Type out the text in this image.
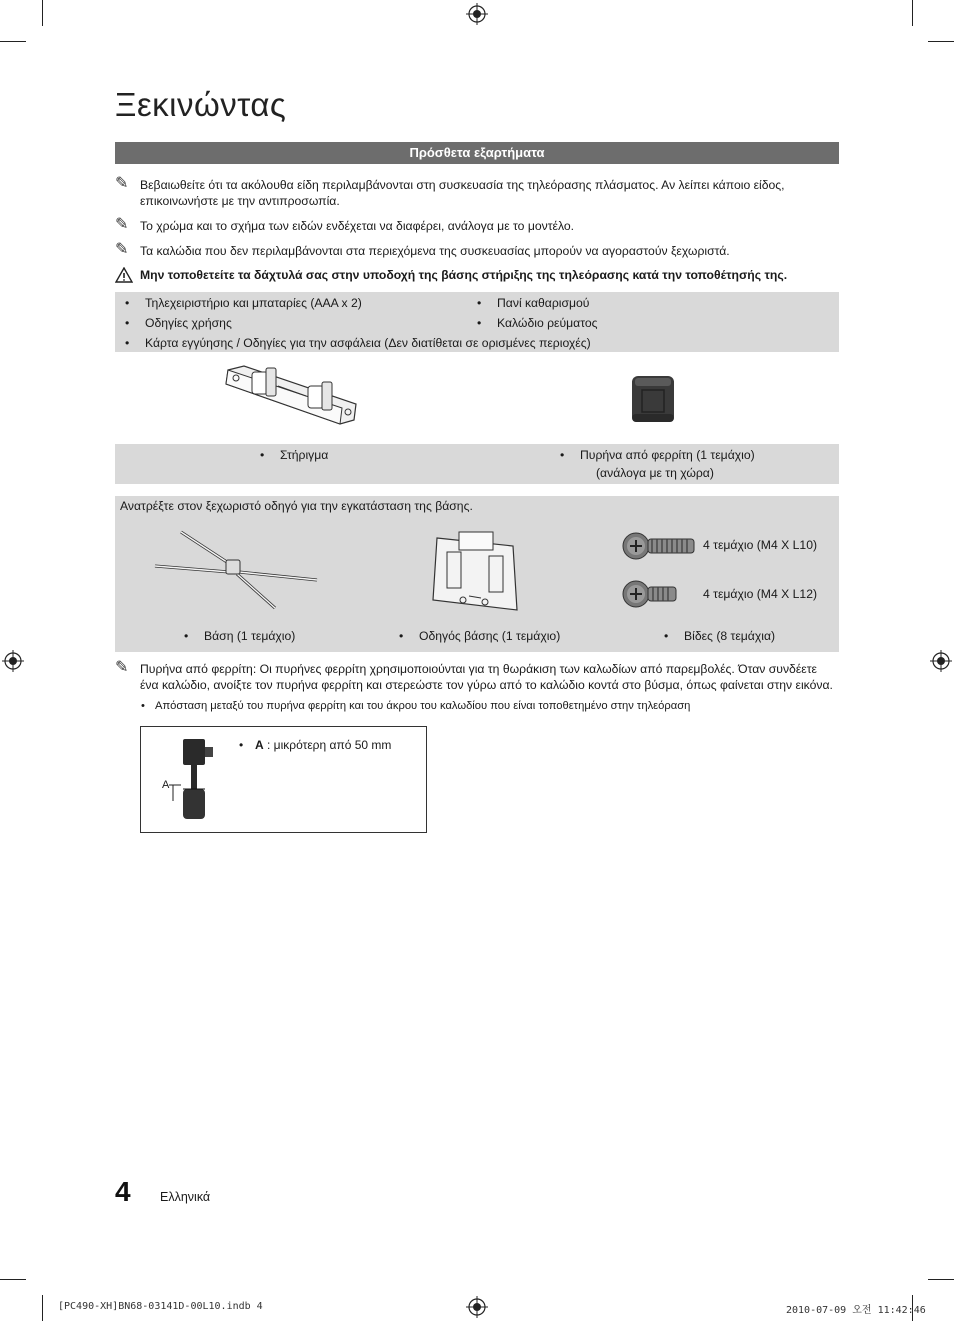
Ξεκινώντας
Πρόσθετα εξαρτήματα
✎ Βεβαιωθείτε ότι τα ακόλουθα είδη περιλαμβάνονται στη συσκευασία της τηλεόρασης πλάσματος. Αν λείπει κάποιο είδος,
επικοινωνήστε με την αντιπροσωπία.
✎ Το χρώμα και το σχήμα των ειδών ενδέχεται να διαφέρει, ανάλογα με το μοντέλο.
✎ Τα καλώδια που δεν περιλαμβάνονται στα περιεχόμενα της συσκευασίας μπορούν να αγοραστούν ξεχωριστά.
Μην τοποθετείτε τα δάχτυλά σας στην υποδοχή της βάσης στήριξης της τηλεόρασης κατά την τοποθέτησής της.
• Τηλεχειριστήριο και μπαταρίες (AAA x 2)	• Πανί καθαρισμού
• Οδηγίες χρήσης	• Καλώδιο ρεύματος
• Κάρτα εγγύησης / Οδηγίες για την ασφάλεια (Δεν διατίθεται σε ορισμένες περιοχές)
• Στήριγμα	• Πυρήνα από φερρίτη (1 τεμάχιο)
(ανάλογα με τη χώρα)
Ανατρέξτε στον ξεχωριστό οδηγό για την εγκατάσταση της βάσης.
4 τεμάχιο (M4 X L10)
4 τεμάχιο (M4 X L12)
• Βάση (1 τεμάχιο)	• Οδηγός βάσης (1 τεμάχιο)	• Βίδες (8 τεμάχια)
✎ Πυρήνα από φερρίτη: Οι πυρήνες φερρίτη χρησιμοποιούνται για τη θωράκιση των καλωδίων από παρεμβολές. Όταν συνδέετε
ένα καλώδιο, ανοίξτε τον πυρήνα φερρίτη και στερεώστε τον γύρω από το καλώδιο κοντά στο βύσμα, όπως φαίνεται στην εικόνα.
• Απόσταση μεταξύ του πυρήνα φερρίτη και του άκρου του καλωδίου που είναι τοποθετημένο στην τηλεόραση
A
• A : μικρότερη από 50 mm
4 Ελληνικά
[PC490-XH]BN68-03141D-00L10.indb 4	2010-07-09 오전 11:42:46
